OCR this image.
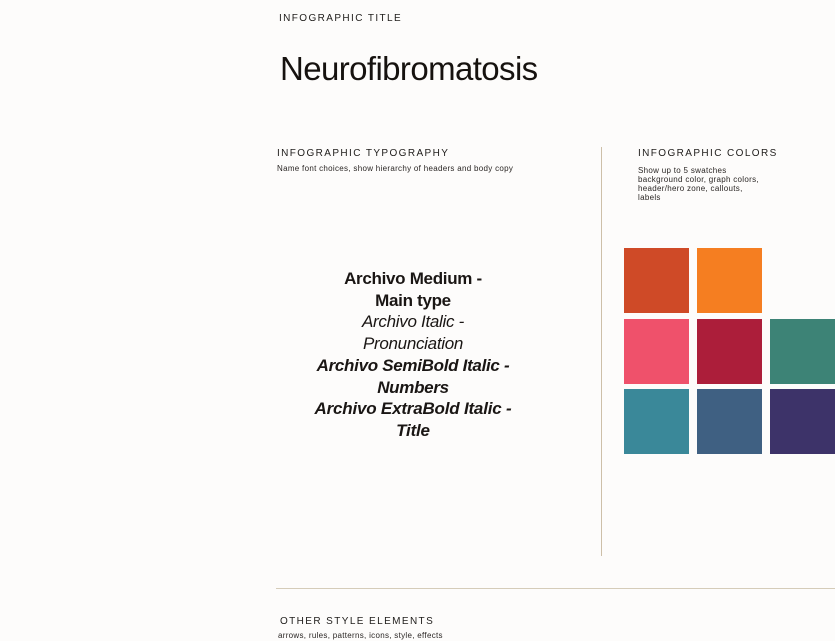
INFOGRAPHIC TITLE
Neurofibromatosis
INFOGRAPHIC TYPOGRAPHY
Name font choices, show hierarchy of headers and body copy
Archivo Medium -
Main type
Archivo Italic -
Pronunciation
Archivo SemiBold Italic -
Numbers
Archivo ExtraBold Italic -
Title
INFOGRAPHIC COLORS
Show up to 5 swatches
background color, graph colors,
header/hero zone, callouts,
labels
OTHER STYLE ELEMENTS
arrows, rules, patterns, icons, style, effects
